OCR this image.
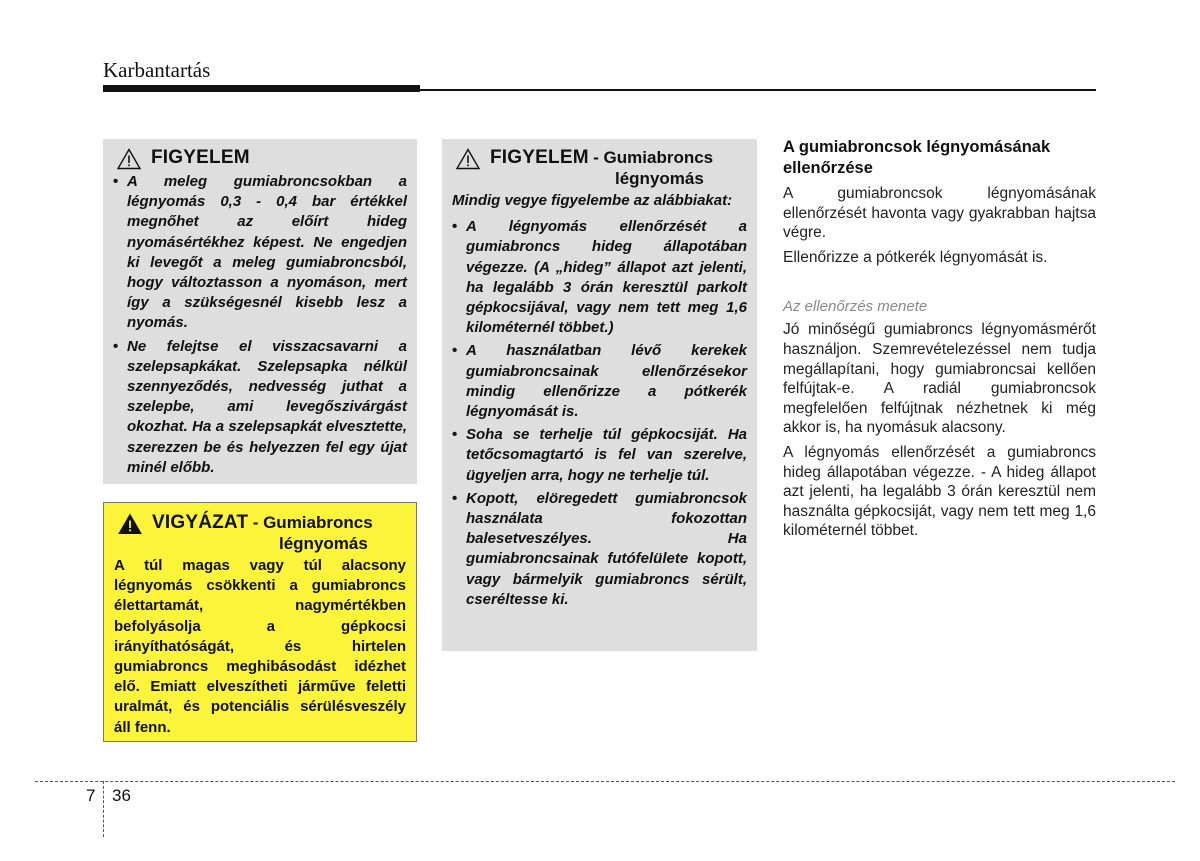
Karbantartás
FIGYELEM
• A meleg gumiabroncsokban a légnyomás 0,3 - 0,4 bar értékkel megnőhet az előírt hideg nyomásértékhez képest. Ne engedjen ki levegőt a meleg gumiabroncsból, hogy változtasson a nyomáson, mert így a szükségesnél kisebb lesz a nyomás.
• Ne felejtse el visszacsavarni a szelepsapkákat. Szelepsapka nélkül szennyeződés, nedvesség juthat a szelepbe, ami levegőszivárgást okozhat. Ha a szelepsapkát elvesztette, szerezzen be és helyezzen fel egy újat minél előbb.
VIGYÁZAT - Gumiabroncs
légnyomás
A túl magas vagy túl alacsony légnyomás csökkenti a gumiabroncs élettartamát, nagymértékben befolyásolja a gépkocsi irányíthatóságát, és hirtelen gumiabroncs meghibásodást idézhet elő. Emiatt elveszítheti járműve feletti uralmát, és potenciális sérülésveszély áll fenn.
FIGYELEM - Gumiabroncs
légnyomás
Mindig vegye figyelembe az alábbiakat:
• A légnyomás ellenőrzését a gumiabroncs hideg állapotában végezze. (A „hideg” állapot azt jelenti, ha legalább 3 órán keresztül parkolt gépkocsijával, vagy nem tett meg 1,6 kilométernél többet.)
• A használatban lévő kerekek gumiabroncsainak ellenőrzésekor mindig ellenőrizze a pótkerék légnyomását is.
• Soha se terhelje túl gépkocsiját. Ha tetőcsomagtartó is fel van szerelve, ügyeljen arra, hogy ne terhelje túl.
• Kopott, elöregedett gumiabroncsok használata fokozottan balesetveszélyes. Ha gumiabroncsainak futófelülete kopott, vagy bármelyik gumiabroncs sérült, cseréltesse ki.
A gumiabroncsok légnyomásának ellenőrzése
A gumiabroncsok légnyomásának ellenőrzését havonta vagy gyakrabban hajtsa végre.
Ellenőrizze a pótkerék légnyomását is.
Az ellenőrzés menete
Jó minőségű gumiabroncs légnyomásmérőt használjon. Szemrevételezéssel nem tudja megállapítani, hogy gumiabroncsai kellően felfújtak-e. A radiál gumiabroncsok megfelelően felfújtnak nézhetnek ki még akkor is, ha nyomásuk alacsony.
A légnyomás ellenőrzését a gumiabroncs hideg állapotában végezze. - A hideg állapot azt jelenti, ha legalább 3 órán keresztül nem használta gépkocsiját, vagy nem tett meg 1,6 kilométernél többet.
7 36
